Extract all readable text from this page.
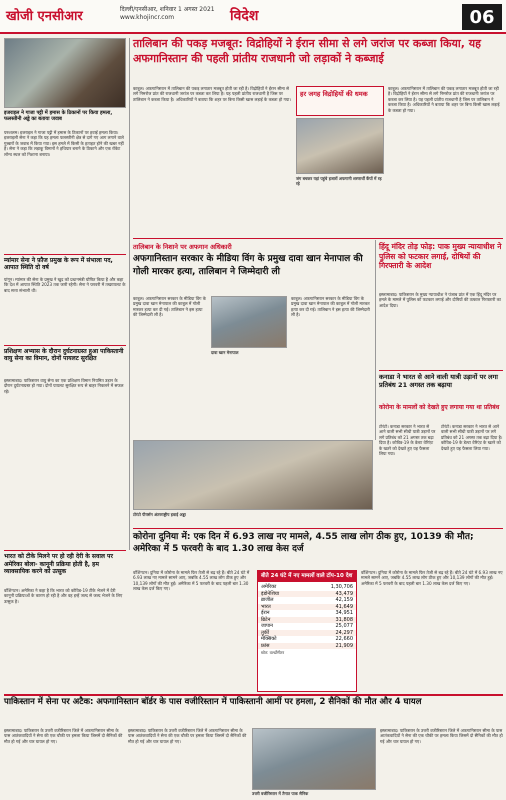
खोजी एनसीआर	दिल्ली/एनसीआर, शनिवार 1 अगस्त 2021
www.khojincr.com	विदेश	06
इजराइल ने गाजा पट्टी में हमास के ठिकानों पर किया हमला, फलस्तीनी अड्डे का बताया जवाब
यरुशलम। इजराइल ने गाजा पट्टी में हमास के ठिकानों पर हवाई हमला किया। इजराइली सेना ने कहा कि यह हमला फलस्तीनी क्षेत्र से दागे गए आग लगाने वाले गुब्बारों के जवाब में किया गया। इस हमले में किसी के हताहत होने की खबर नहीं है। सेना ने कहा कि लड़ाकू विमानों ने हथियार बनाने के ठिकाने और एक रॉकेट लॉन्च स्थल को निशाना बनाया।
म्यांमार सेना ने फ़ौज प्रमुख के रूप में संभाला पद, आपात स्थिति दो वर्ष
यांगून। म्यांमार की सेना के प्रमुख ने खुद को प्रधानमंत्री घोषित किया है और कहा कि देश में आपात स्थिति 2023 तक जारी रहेगी। सेना ने फरवरी में तख्तापलट के बाद सत्ता संभाली थी।
प्रशिक्षण अभ्यास के दौरान दुर्घटनाग्रस्त हुआ पाकिस्तानी वायु सेना का विमान, दोनों पायलट सुरक्षित
इस्लामाबाद। पाकिस्तान वायु सेना का एक प्रशिक्षण विमान नियमित उड़ान के दौरान दुर्घटनाग्रस्त हो गया। दोनों पायलट सुरक्षित रूप से बाहर निकलने में सफल रहे।
तालिबान की पकड़ मजबूत: विद्रोहियों ने ईरान सीमा से लगे जरांज पर कब्जा किया, यह अफगानिस्तान की पहली प्रांतीय राजधानी जो लड़ाकों ने कब्जाई
काबुल। अफगानिस्तान में तालिबान की पकड़ लगातार मजबूत होती जा रही है। विद्रोहियों ने ईरान सीमा से लगे निमरोज प्रांत की राजधानी जरांज पर कब्जा कर लिया है। यह पहली प्रांतीय राजधानी है जिस पर तालिबान ने कब्जा किया है। अधिकारियों ने बताया कि शहर पर बिना किसी खास लड़ाई के कब्जा हो गया।
हर जगह विद्रोहियों की धमक
जंग बचकर यहां पहुंचे हजारों अफगानी शरणार्थी कैंपों में रह रहे
काबुल। अफगानिस्तान में तालिबान की पकड़ लगातार मजबूत होती जा रही है। विद्रोहियों ने ईरान सीमा से लगे निमरोज प्रांत की राजधानी जरांज पर कब्जा कर लिया है। यह पहली प्रांतीय राजधानी है जिस पर तालिबान ने कब्जा किया है। अधिकारियों ने बताया कि शहर पर बिना किसी खास लड़ाई के कब्जा हो गया।
तालिबान के निशाने पर अफगान अधिकारी
अफगानिस्तान सरकार के मीडिया विंग के प्रमुख दावा खान मेनापाल की गोली मारकर हत्या, तालिबान ने जिम्मेदारी ली
काबुल। अफगानिस्तान सरकार के मीडिया विंग के प्रमुख दावा खान मेनापाल की काबुल में गोली मारकर हत्या कर दी गई। तालिबान ने इस हत्या की जिम्मेदारी ली है।
दावा खान मेनापाल
काबुल। अफगानिस्तान सरकार के मीडिया विंग के प्रमुख दावा खान मेनापाल की काबुल में गोली मारकर हत्या कर दी गई। तालिबान ने इस हत्या की जिम्मेदारी ली है।
हिंदू मंदिर तोड़ फोड़: पाक मुख्य न्यायाधीश ने पुलिस को फटकार लगाई, दोषियों की गिरफ्तारी के आदेश
इस्लामाबाद। पाकिस्तान के मुख्य न्यायाधीश ने पंजाब प्रांत में एक हिंदू मंदिर पर हमले के मामले में पुलिस को फटकार लगाई और दोषियों की तत्काल गिरफ्तारी का आदेश दिया।
कनाडा ने भारत से आने वाली यात्री उड़ानों पर लगा प्रतिबंध 21 अगस्त तक बढ़ाया
कोरोना के मामलों को देखते हुए लगाया गया था प्रतिबंध
टोरंटो। कनाडा सरकार ने भारत से आने वाली सभी सीधी यात्री उड़ानों पर लगे प्रतिबंध को 21 अगस्त तक बढ़ा दिया है। कोविड-19 के डेल्टा वेरिएंट के खतरे को देखते हुए यह फैसला लिया गया।
टोरंटो पीयर्सन अंतरराष्ट्रीय हवाई अड्डा
टोरंटो। कनाडा सरकार ने भारत से आने वाली सभी सीधी यात्री उड़ानों पर लगे प्रतिबंध को 21 अगस्त तक बढ़ा दिया है। कोविड-19 के डेल्टा वेरिएंट के खतरे को देखते हुए यह फैसला लिया गया।
भारत को टीके मिलने पर हो रही देरी के सवाल पर अमेरिका बोला- कानूनी प्रक्रिया होती है, हम व्यावसायिक करने को उत्सुक
वॉशिंगटन। अमेरिका ने कहा है कि भारत को कोविड-19 टीके भेजने में देरी कानूनी प्रक्रियाओं के कारण हो रही है और वह इन्हें जल्द से जल्द भेजने के लिए उत्सुक है।
कोरोना दुनिया में: एक दिन में 6.93 लाख नए मामले, 4.55 लाख लोग ठीक हुए, 10139 की मौत; अमेरिका में 5 फरवरी के बाद 1.30 लाख केस दर्ज
वॉशिंगटन। दुनिया में कोरोना के मामले फिर तेजी से बढ़ रहे हैं। बीते 24 घंटे में 6.93 लाख नए मामले सामने आए, जबकि 4.55 लाख लोग ठीक हुए और 10,139 लोगों की मौत हुई। अमेरिका में 5 फरवरी के बाद पहली बार 1.30 लाख केस दर्ज किए गए।
बीते 24 घंटे में नए मामलों वाले टॉप-10 देश
अमेरिका	1,30,706
इंडोनेशिया	43,479
ब्राजील	42,159
भारत	41,649
ईरान	34,951
ब्रिटेन	31,808
जापान	25,077
तुर्की	24,297
मेक्सिको	22,660
फ्रांस	21,909
स्रोत: वर्ल्डोमीटर
वॉशिंगटन। दुनिया में कोरोना के मामले फिर तेजी से बढ़ रहे हैं। बीते 24 घंटे में 6.93 लाख नए मामले सामने आए, जबकि 4.55 लाख लोग ठीक हुए और 10,139 लोगों की मौत हुई। अमेरिका में 5 फरवरी के बाद पहली बार 1.30 लाख केस दर्ज किए गए।
पाकिस्तान में सेना पर अटैक: अफगानिस्तान बॉर्डर के पास वजीरिस्तान में पाकिस्तानी आर्मी पर हमला, 2 सैनिकों की मौत और 4 घायल
इस्लामाबाद। पाकिस्तान के उत्तरी वजीरिस्तान जिले में अफगानिस्तान सीमा के पास आतंकवादियों ने सेना की एक चौकी पर हमला किया जिसमें दो सैनिकों की मौत हो गई और चार घायल हो गए।
इस्लामाबाद। पाकिस्तान के उत्तरी वजीरिस्तान जिले में अफगानिस्तान सीमा के पास आतंकवादियों ने सेना की एक चौकी पर हमला किया जिसमें दो सैनिकों की मौत हो गई और चार घायल हो गए।
उत्तरी वजीरिस्तान में तैनात पाक सैनिक
इस्लामाबाद। पाकिस्तान के उत्तरी वजीरिस्तान जिले में अफगानिस्तान सीमा के पास आतंकवादियों ने सेना की एक चौकी पर हमला किया जिसमें दो सैनिकों की मौत हो गई और चार घायल हो गए।
